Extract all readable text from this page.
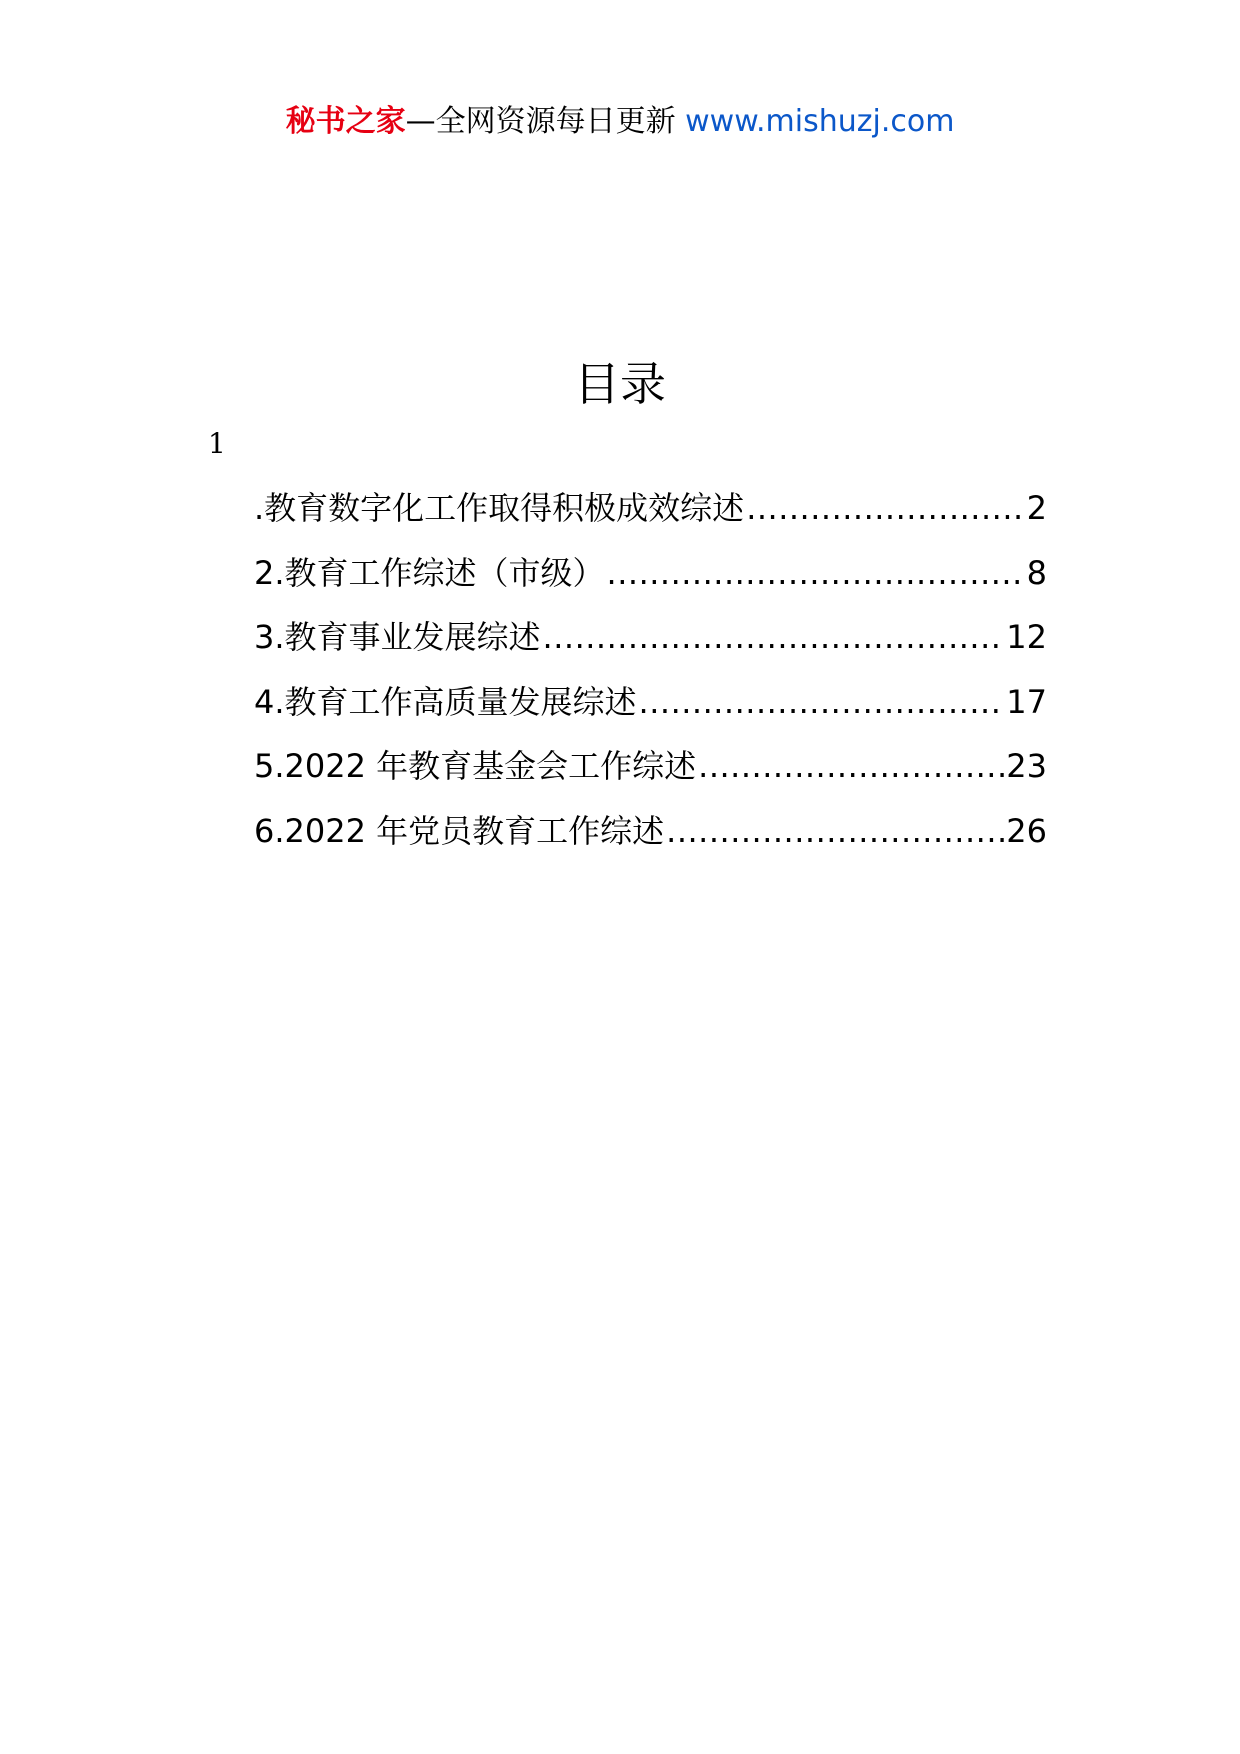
秘书之家—全网资源每日更新 www.mishuzj.com
目录
1
.教育数字化工作取得积极成效综述 .....	2
2.教育工作综述（市级） .....	8
3.教育事业发展综述 .....	12
4.教育工作高质量发展综述 .....	17
5.2022 年教育基金会工作综述 .....	23
6.2022 年党员教育工作综述 .....	26
